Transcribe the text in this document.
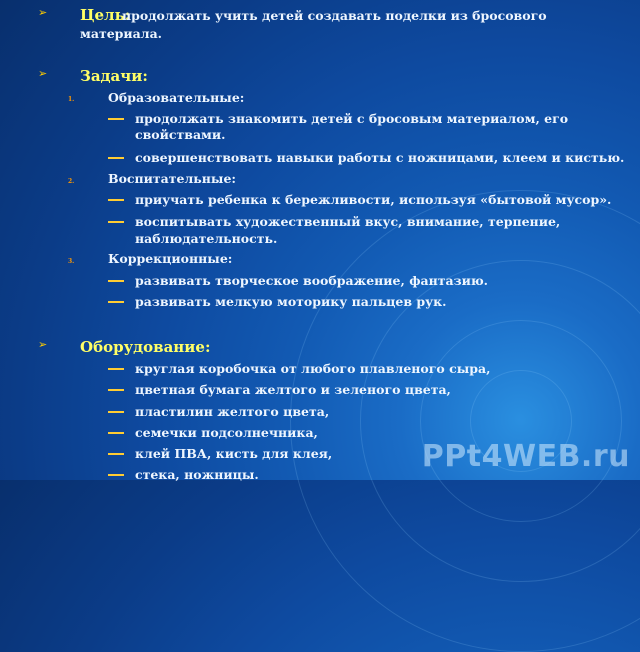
➢ Цель:
продолжать учить детей создавать поделки из бросового
материала.
➢ Задачи:
1.	Образовательные:
продолжать знакомить детей с бросовым материалом, его
свойствами.
совершенствовать навыки работы с ножницами, клеем и кистью.
2.	Воспитательные:
приучать ребенка к бережливости, используя «бытовой мусор».
воспитывать художественный вкус, внимание, терпение,
наблюдательность.
3.	Коррекционные:
развивать творческое воображение, фантазию.
развивать мелкую моторику пальцев рук.
➢ Оборудование:
круглая коробочка от любого плавленого сыра,
цветная бумага желтого и зеленого цвета,
пластилин желтого цвета,
семечки подсолнечника,
клей ПВА, кисть для клея,
стека, ножницы.
PPt4WEB.ru
